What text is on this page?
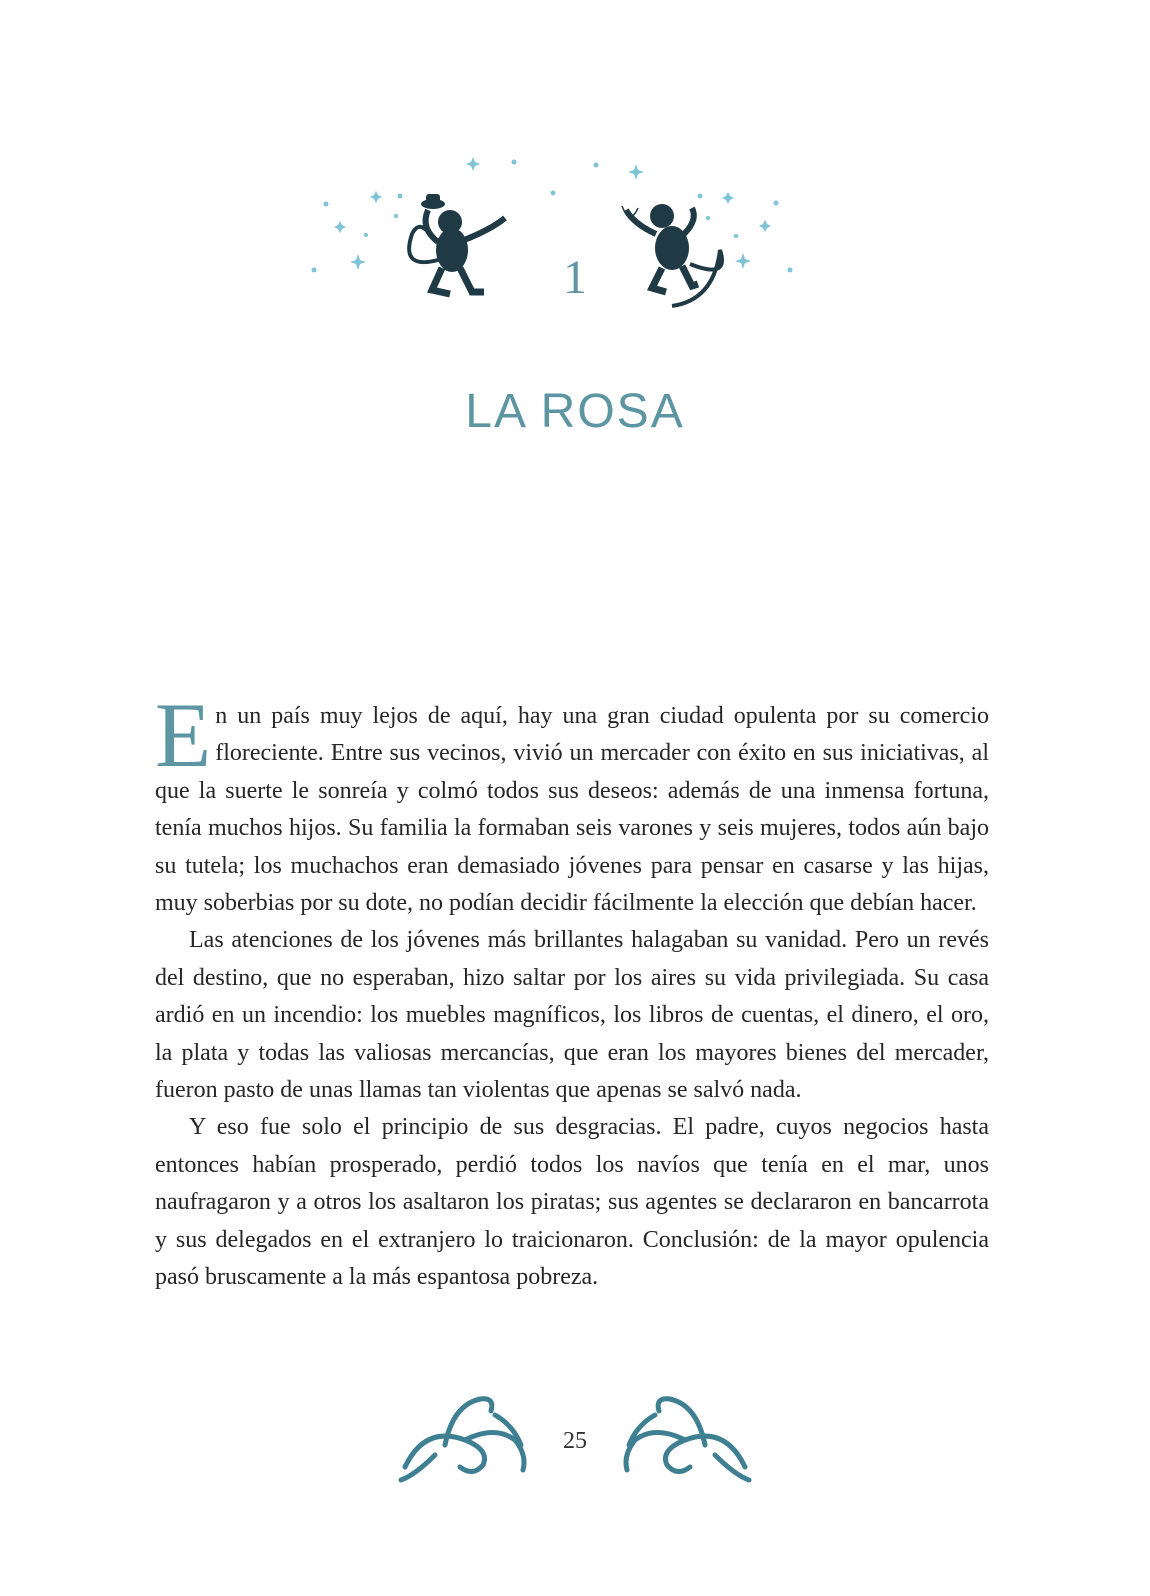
1
LA ROSA

En un país muy lejos de aquí, hay una gran ciudad opulenta por su comercio floreciente. Entre sus vecinos, vivió un mercader con éxito en sus iniciativas, al que la suerte le sonreía y colmó todos sus deseos: además de una inmensa fortuna, tenía muchos hijos. Su familia la formaban seis varones y seis mujeres, todos aún bajo su tutela; los muchachos eran demasiado jóvenes para pensar en casarse y las hijas, muy soberbias por su dote, no podían decidir fácilmente la elección que debían hacer.

Las atenciones de los jóvenes más brillantes halagaban su vanidad. Pero un revés del destino, que no esperaban, hizo saltar por los aires su vida privilegiada. Su casa ardió en un incendio: los muebles magníficos, los libros de cuentas, el dinero, el oro, la plata y todas las valiosas mercancías, que eran los mayores bienes del mercader, fueron pasto de unas llamas tan violentas que apenas se salvó nada.

Y eso fue solo el principio de sus desgracias. El padre, cuyos negocios hasta entonces habían prosperado, perdió todos los navíos que tenía en el mar, unos naufragaron y a otros los asaltaron los piratas; sus agentes se declararon en bancarrota y sus delegados en el extranjero lo traicionaron. Conclusión: de la mayor opulencia pasó bruscamente a la más espantosa pobreza.

25
